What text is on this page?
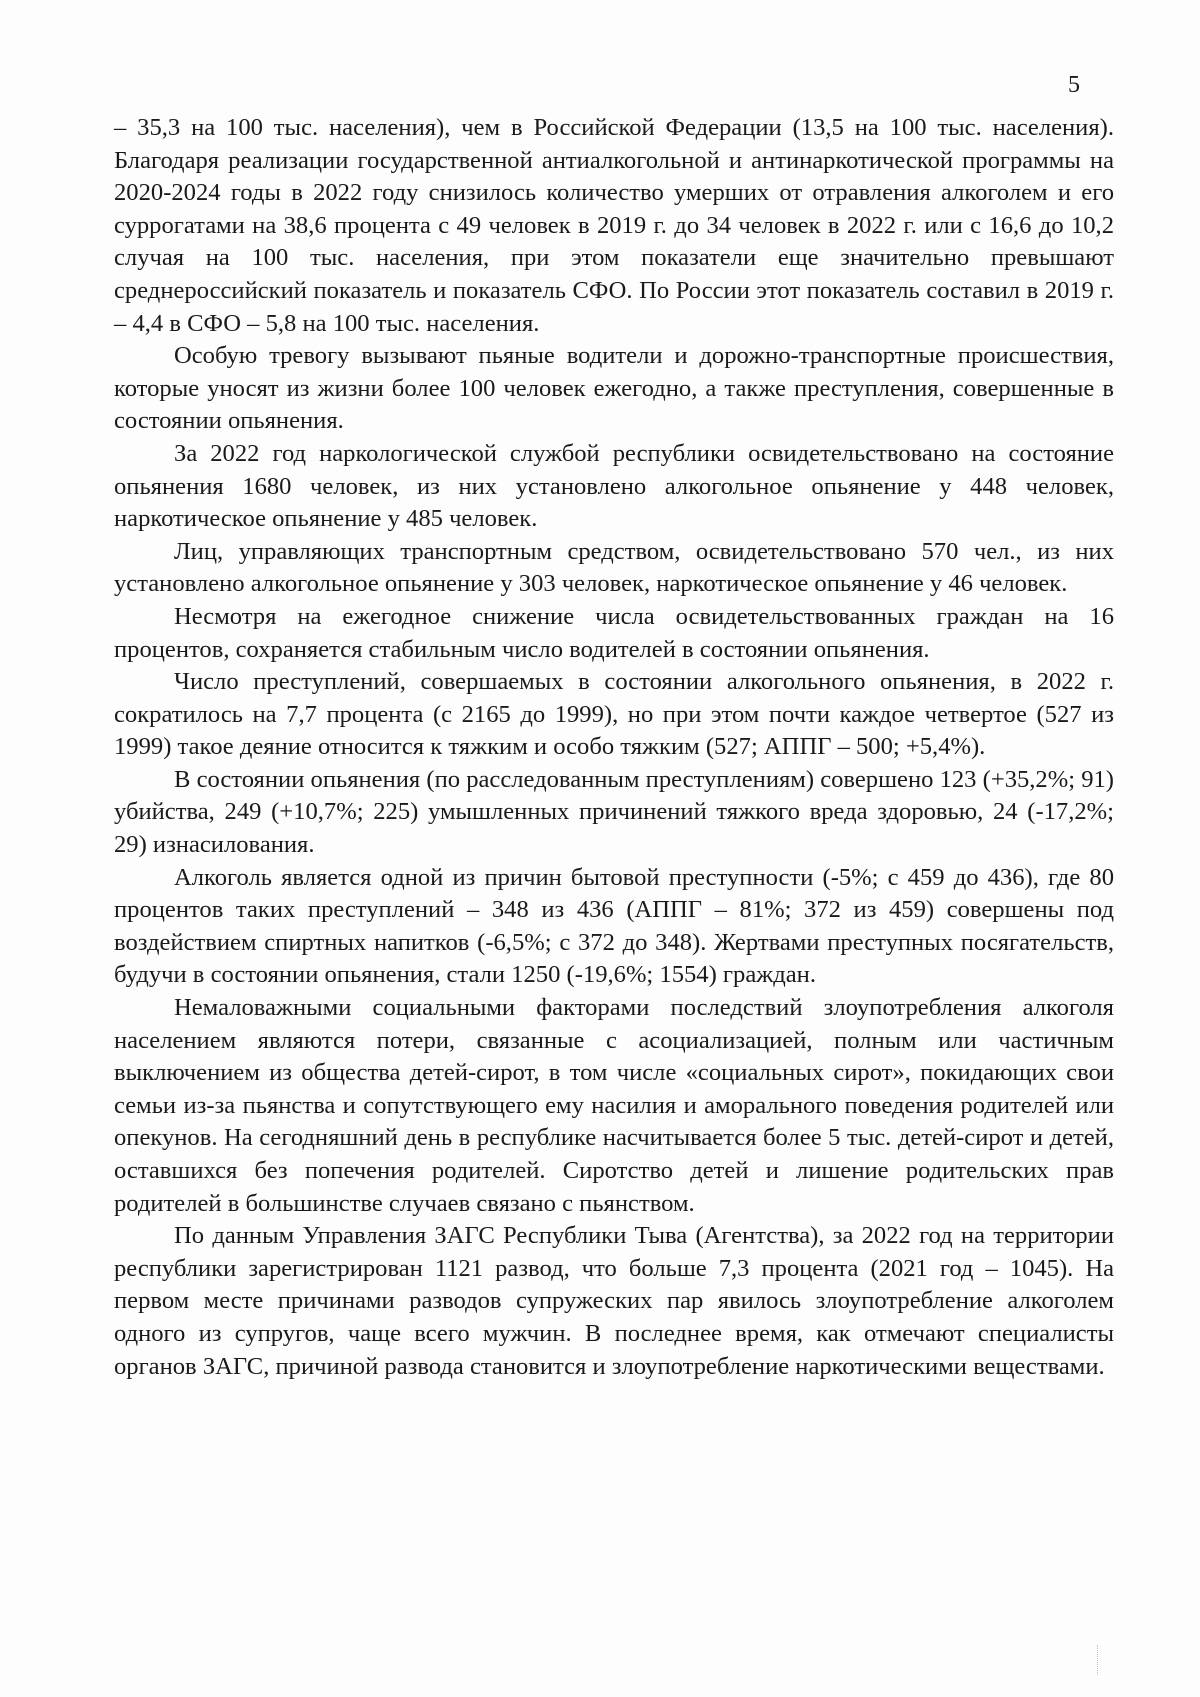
5

– 35,3 на 100 тыс. населения), чем в Российской Федерации (13,5 на 100 тыс. населения). Благодаря реализации государственной антиалкогольной и антинаркотической программы на 2020-2024 годы в 2022 году снизилось количество умерших от отравления алкоголем и его суррогатами на 38,6 процента с 49 человек в 2019 г. до 34 человек в 2022 г. или с 16,6 до 10,2 случая на 100 тыс. населения, при этом показатели еще значительно превышают среднероссийский показатель и показатель СФО. По России этот показатель составил в 2019 г. – 4,4 в СФО – 5,8 на 100 тыс. населения.

Особую тревогу вызывают пьяные водители и дорожно-транспортные происшествия, которые уносят из жизни более 100 человек ежегодно, а также преступления, совершенные в состоянии опьянения.

За 2022 год наркологической службой республики освидетельствовано на состояние опьянения 1680 человек, из них установлено алкогольное опьянение у 448 человек, наркотическое опьянение у 485 человек.

Лиц, управляющих транспортным средством, освидетельствовано 570 чел., из них установлено алкогольное опьянение у 303 человек, наркотическое опьянение у 46 человек.

Несмотря на ежегодное снижение числа освидетельствованных граждан на 16 процентов, сохраняется стабильным число водителей в состоянии опьянения.

Число преступлений, совершаемых в состоянии алкогольного опьянения, в 2022 г. сократилось на 7,7 процента (с 2165 до 1999), но при этом почти каждое четвертое (527 из 1999) такое деяние относится к тяжким и особо тяжким (527; АППГ – 500; +5,4%).

В состоянии опьянения (по расследованным преступлениям) совершено 123 (+35,2%; 91) убийства, 249 (+10,7%; 225) умышленных причинений тяжкого вреда здоровью, 24 (-17,2%; 29) изнасилования.

Алкоголь является одной из причин бытовой преступности (-5%; с 459 до 436), где 80 процентов таких преступлений – 348 из 436 (АППГ – 81%; 372 из 459) совершены под воздействием спиртных напитков (-6,5%; с 372 до 348). Жертвами преступных посягательств, будучи в состоянии опьянения, стали 1250 (-19,6%; 1554) граждан.

Немаловажными социальными факторами последствий злоупотребления алкоголя населением являются потери, связанные с асоциализацией, полным или частичным выключением из общества детей-сирот, в том числе «социальных сирот», покидающих свои семьи из-за пьянства и сопутствующего ему насилия и аморального поведения родителей или опекунов. На сегодняшний день в республике насчитывается более 5 тыс. детей-сирот и детей, оставшихся без попечения родителей. Сиротство детей и лишение родительских прав родителей в большинстве случаев связано с пьянством.

По данным Управления ЗАГС Республики Тыва (Агентства), за 2022 год на территории республики зарегистрирован 1121 развод, что больше 7,3 процента (2021 год – 1045). На первом месте причинами разводов супружеских пар явилось злоупотребление алкоголем одного из супругов, чаще всего мужчин. В последнее время, как отмечают специалисты органов ЗАГС, причиной развода становится и злоупотребление наркотическими веществами.
